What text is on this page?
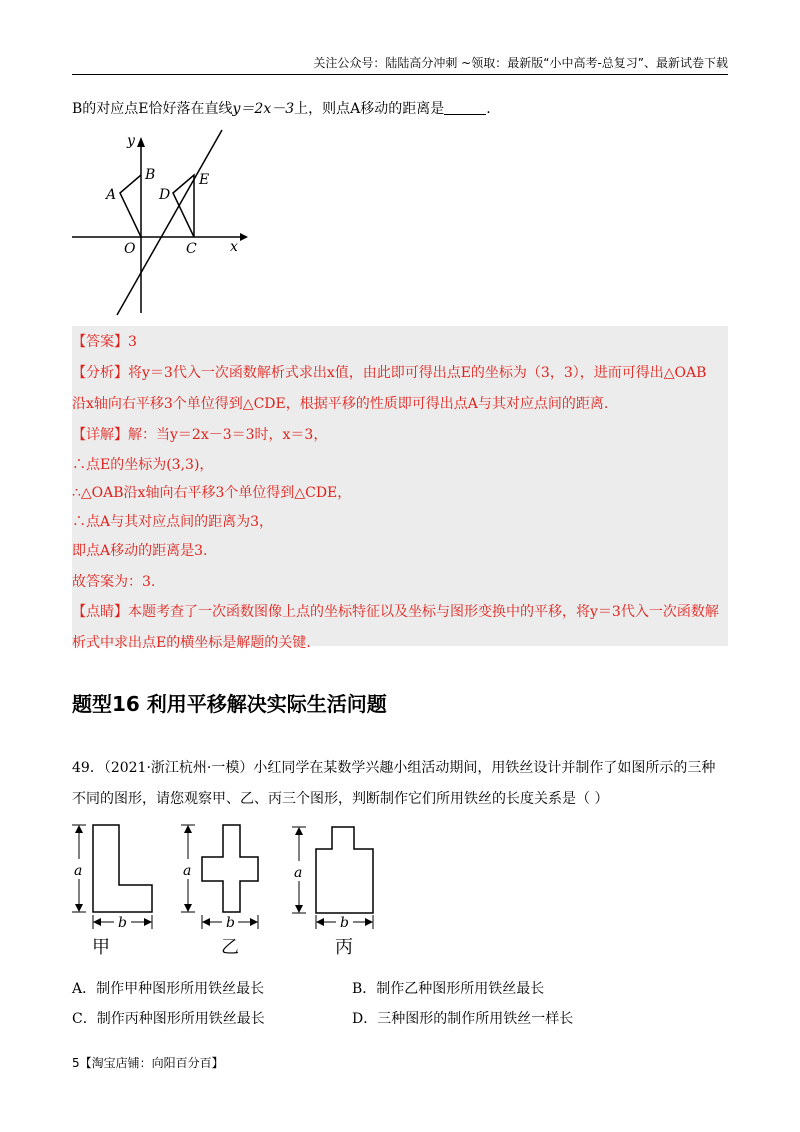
关注公众号：陆陆高分冲刺 ~领取：最新版“小中高考-总复习”、最新试卷下载
B的对应点E恰好落在直线y＝2x－3上，则点A移动的距离是	.
y
x
O
A
B
C
D
E
【答案】3
【分析】将y＝3代入一次函数解析式求出x值，由此即可得出点E的坐标为（3，3），进而可得出△OAB
沿x轴向右平移3个单位得到△CDE，根据平移的性质即可得出点A与其对应点间的距离.
【详解】解：当y＝2x－3＝3时，x＝3，
∴点E的坐标为(3,3)，
∴△OAB沿x轴向右平移3个单位得到△CDE，
∴点A与其对应点间的距离为3，
即点A移动的距离是3.
故答案为：3.
【点睛】本题考查了一次函数图像上点的坐标特征以及坐标与图形变换中的平移，将y＝3代入一次函数解
析式中求出点E的横坐标是解题的关键.
题型16 利用平移解决实际生活问题
49．（2021·浙江杭州·一模）小红同学在某数学兴趣小组活动期间，用铁丝设计并制作了如图所示的三种
不同的图形，请您观察甲、乙、丙三个图形，判断制作它们所用铁丝的长度关系是（ ）
a
b
甲
a
b
乙
a
b
丙
A．制作甲种图形所用铁丝最长	B．制作乙种图形所用铁丝最长
C．制作丙种图形所用铁丝最长	D．三种图形的制作所用铁丝一样长
5【淘宝店铺：向阳百分百】
